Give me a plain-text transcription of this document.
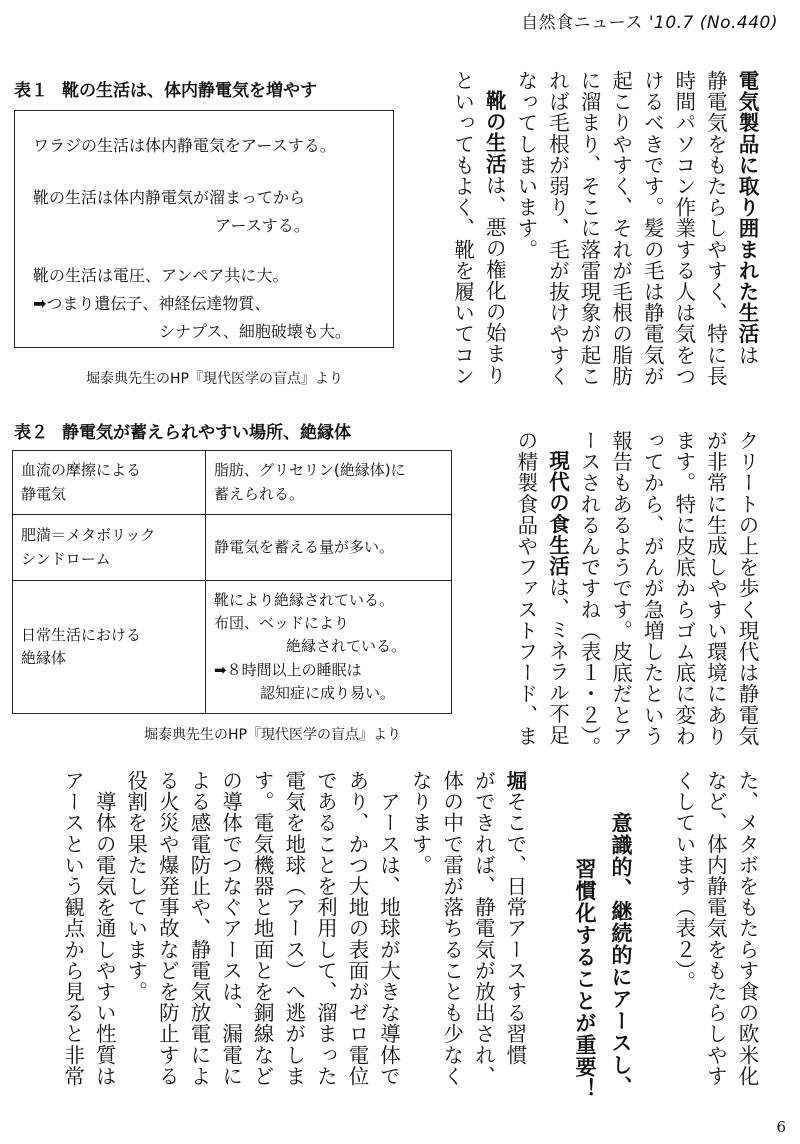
自然食ニュース '10.7 (No.440)
表１ 靴の生活は、体内静電気を増やす
ワラジの生活は体内静電気をアースする。
靴の生活は体内静電気が溜まってから
アースする。
靴の生活は電圧、アンペア共に大。
➡つまり遺伝子、神経伝達物質、
シナプス、細胞破壊も大。
堀泰典先生のHP『現代医学の盲点』より
表２ 静電気が蓄えられやすい場所、絶縁体
血流の摩擦による
静電気	脂肪、グリセリン(絶縁体)に
蓄えられる。

肥満＝メタボリック
シンドローム	静電気を蓄える量が多い。

日常生活における
絶縁体	靴により絶縁されている。
布団、ベッドにより
絶縁されている。
➡８時間以上の睡眠は
認知症に成り易い。
堀泰典先生のHP『現代医学の盲点』より
電気製品に取り囲まれた生活は
静電気をもたらしやすく、特に長
時間パソコン作業する人は気をつ
けるべきです。髪の毛は静電気が
起こりやすく、それが毛根の脂肪
に溜まり、そこに落雷現象が起こ
れば毛根が弱り、毛が抜けやすく
なってしまいます。
靴の生活は、悪の権化の始まり
といってもよく、靴を履いてコン
クリートの上を歩く現代は静電気
が非常に生成しやすい環境にあり
ます。特に皮底からゴム底に変わ
ってから、がんが急増したという
報告もあるようです。皮底だとア
ースされるんですね（表１・２）。
現代の食生活は、ミネラル不足
の精製食品やファストフード、ま
た、メタボをもたらす食の欧米化
など、体内静電気をもたらしやす
くしています（表２）。
意識的、継続的にアースし、
習慣化することが重要！
堀そこで、日常アースする習慣
ができれば、静電気が放出され、
体の中で雷が落ちることも少なく
なります。
　アースは、地球が大きな導体で
あり、かつ大地の表面がゼロ電位
であることを利用して、溜まった
電気を地球（アース）へ逃がしま
す。電気機器と地面とを銅線など
の導体でつなぐアースは、漏電に
よる感電防止や、静電気放電によ
る火災や爆発事故などを防止する
役割を果たしています。
　導体の電気を通しやすい性質は
アースという観点から見ると非常
6
